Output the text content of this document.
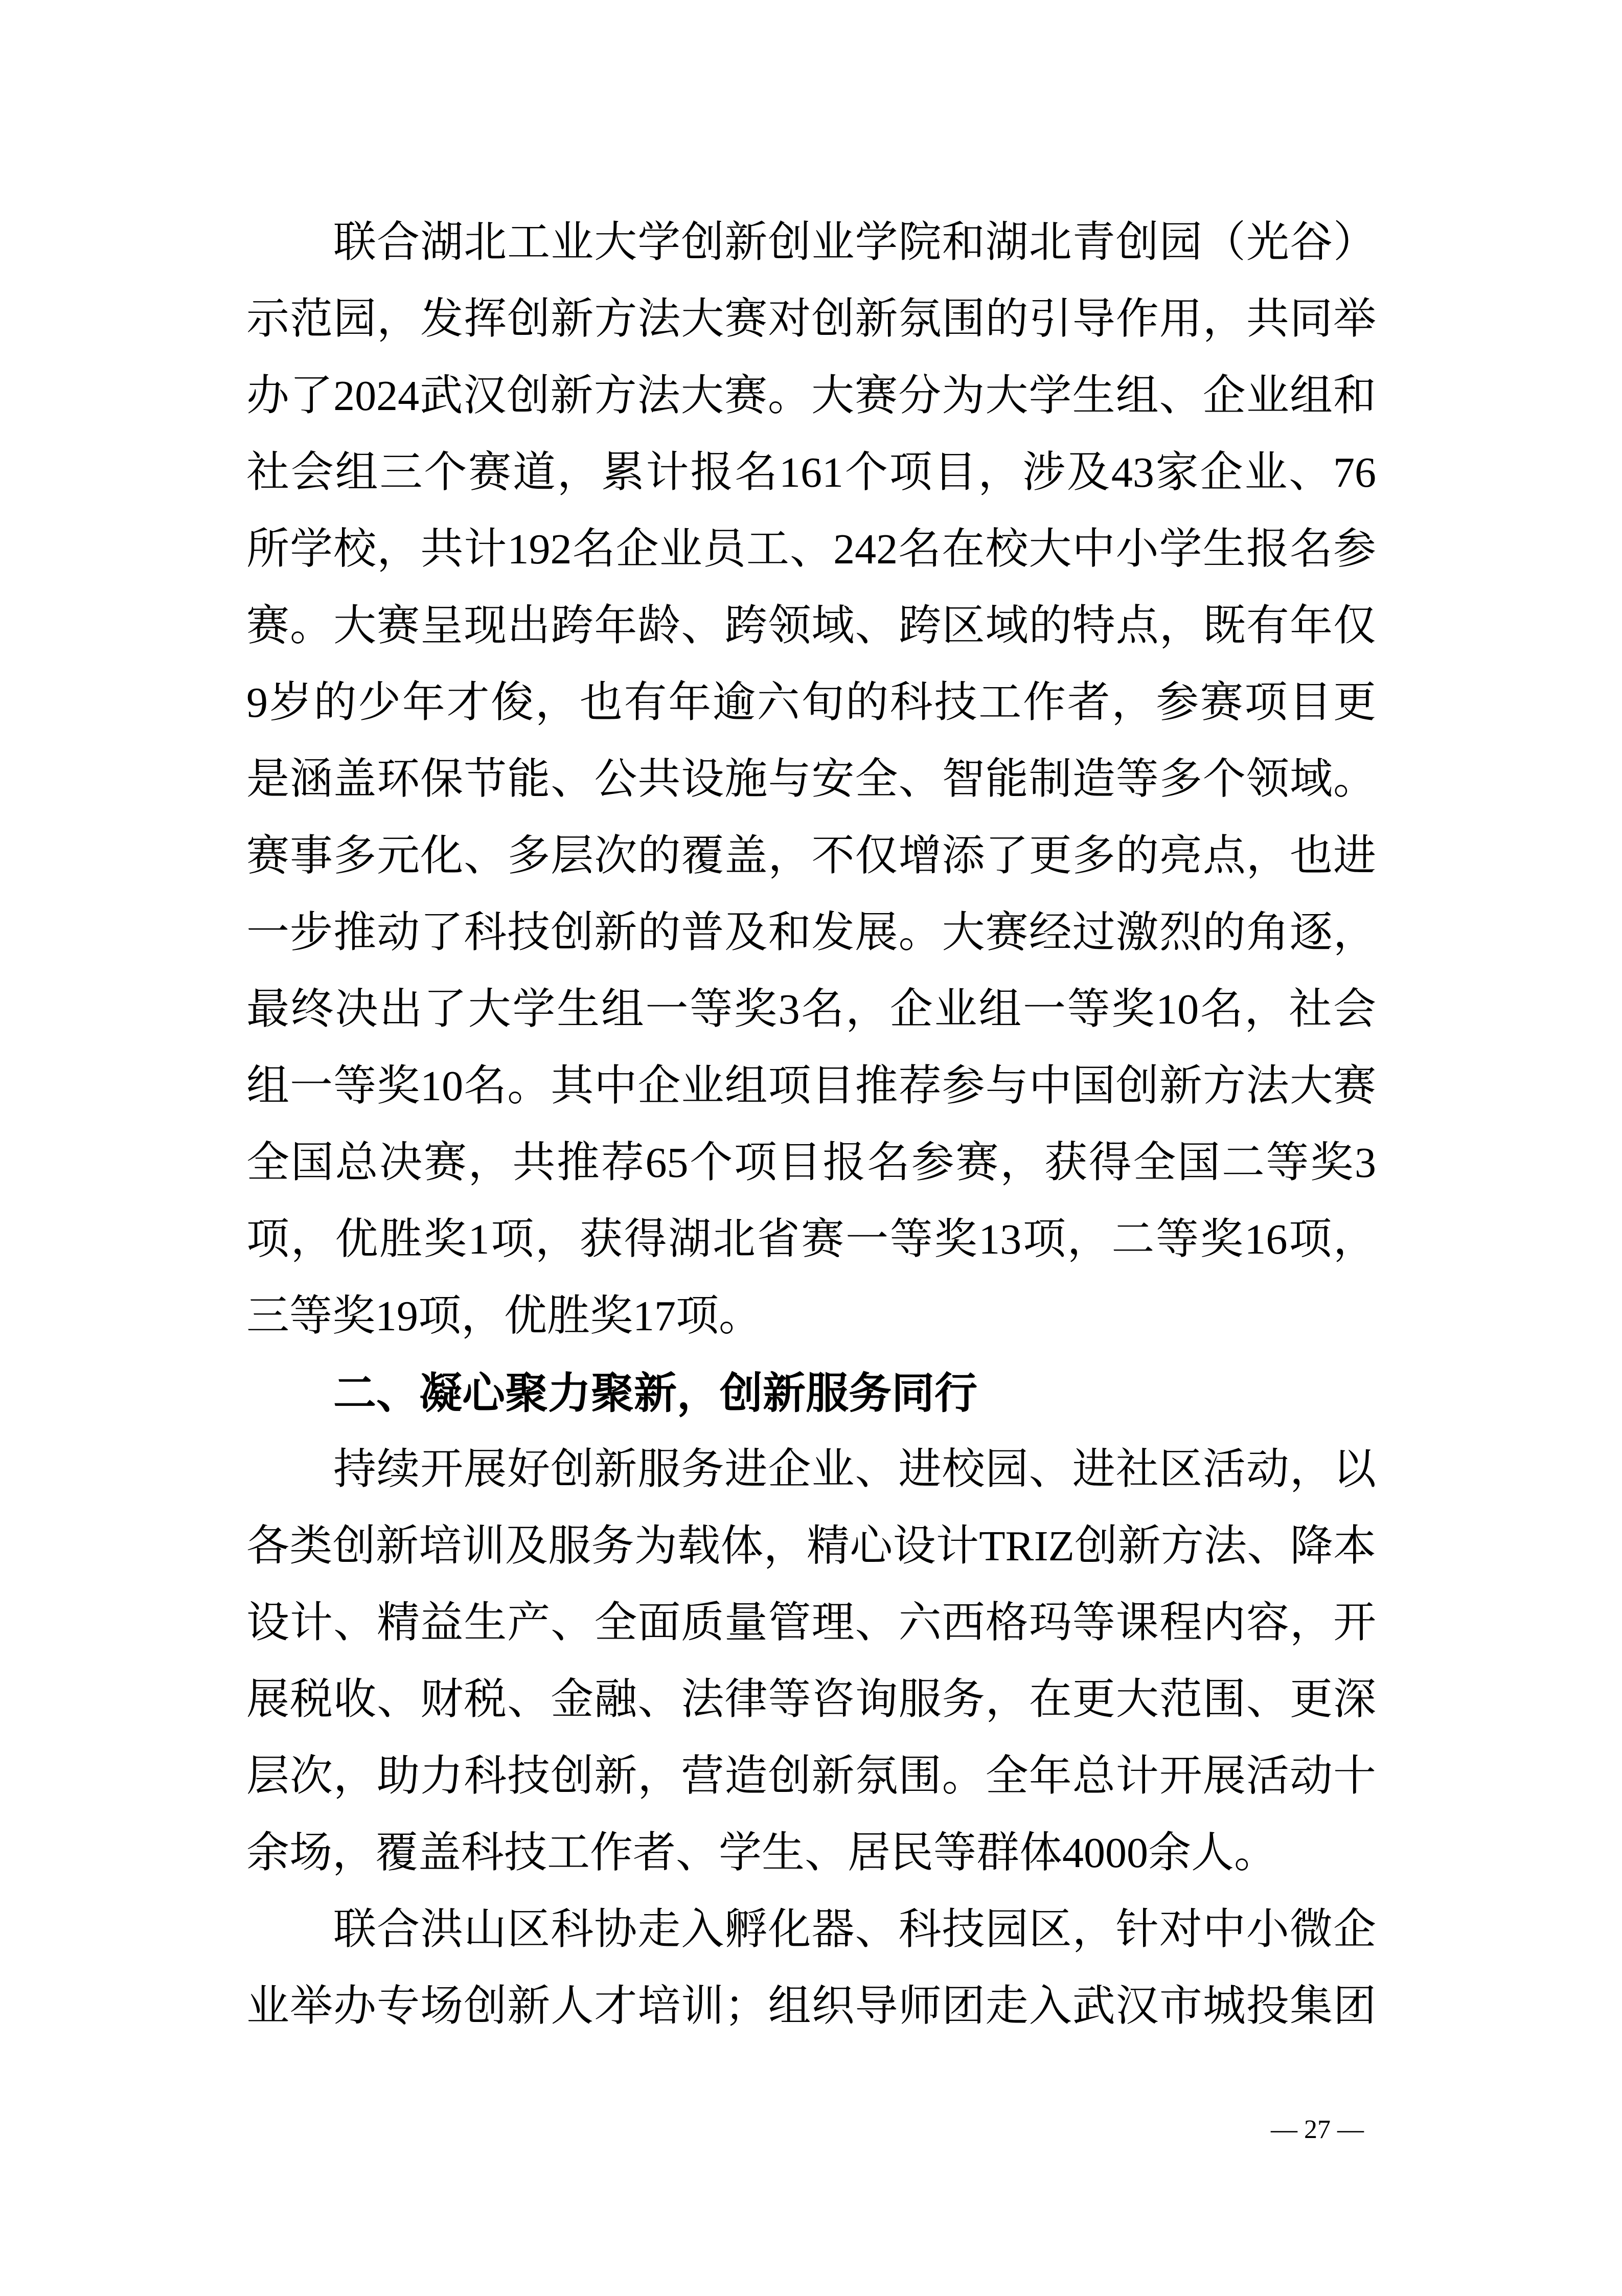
联合湖北工业大学创新创业学院和湖北青创园（光谷）
示范园，发挥创新方法大赛对创新氛围的引导作用，共同举
办了2024武汉创新方法大赛。大赛分为大学生组、企业组和
社会组三个赛道，累计报名161个项目，涉及43家企业、76
所学校，共计192名企业员工、242名在校大中小学生报名参
赛。大赛呈现出跨年龄、跨领域、跨区域的特点，既有年仅
9岁的少年才俊，也有年逾六旬的科技工作者，参赛项目更
是涵盖环保节能、公共设施与安全、智能制造等多个领域。
赛事多元化、多层次的覆盖，不仅增添了更多的亮点，也进
一步推动了科技创新的普及和发展。大赛经过激烈的角逐，
最终决出了大学生组一等奖3名，企业组一等奖10名，社会
组一等奖10名。其中企业组项目推荐参与中国创新方法大赛
全国总决赛，共推荐65个项目报名参赛，获得全国二等奖3
项，优胜奖1项，获得湖北省赛一等奖13项，二等奖16项，
三等奖19项，优胜奖17项。
二、凝心聚力聚新，创新服务同行
持续开展好创新服务进企业、进校园、进社区活动，以
各类创新培训及服务为载体，精心设计TRIZ创新方法、降本
设计、精益生产、全面质量管理、六西格玛等课程内容，开
展税收、财税、金融、法律等咨询服务，在更大范围、更深
层次，助力科技创新，营造创新氛围。全年总计开展活动十
余场，覆盖科技工作者、学生、居民等群体4000余人。
联合洪山区科协走入孵化器、科技园区，针对中小微企
业举办专场创新人才培训；组织导师团走入武汉市城投集团
— 27 —
